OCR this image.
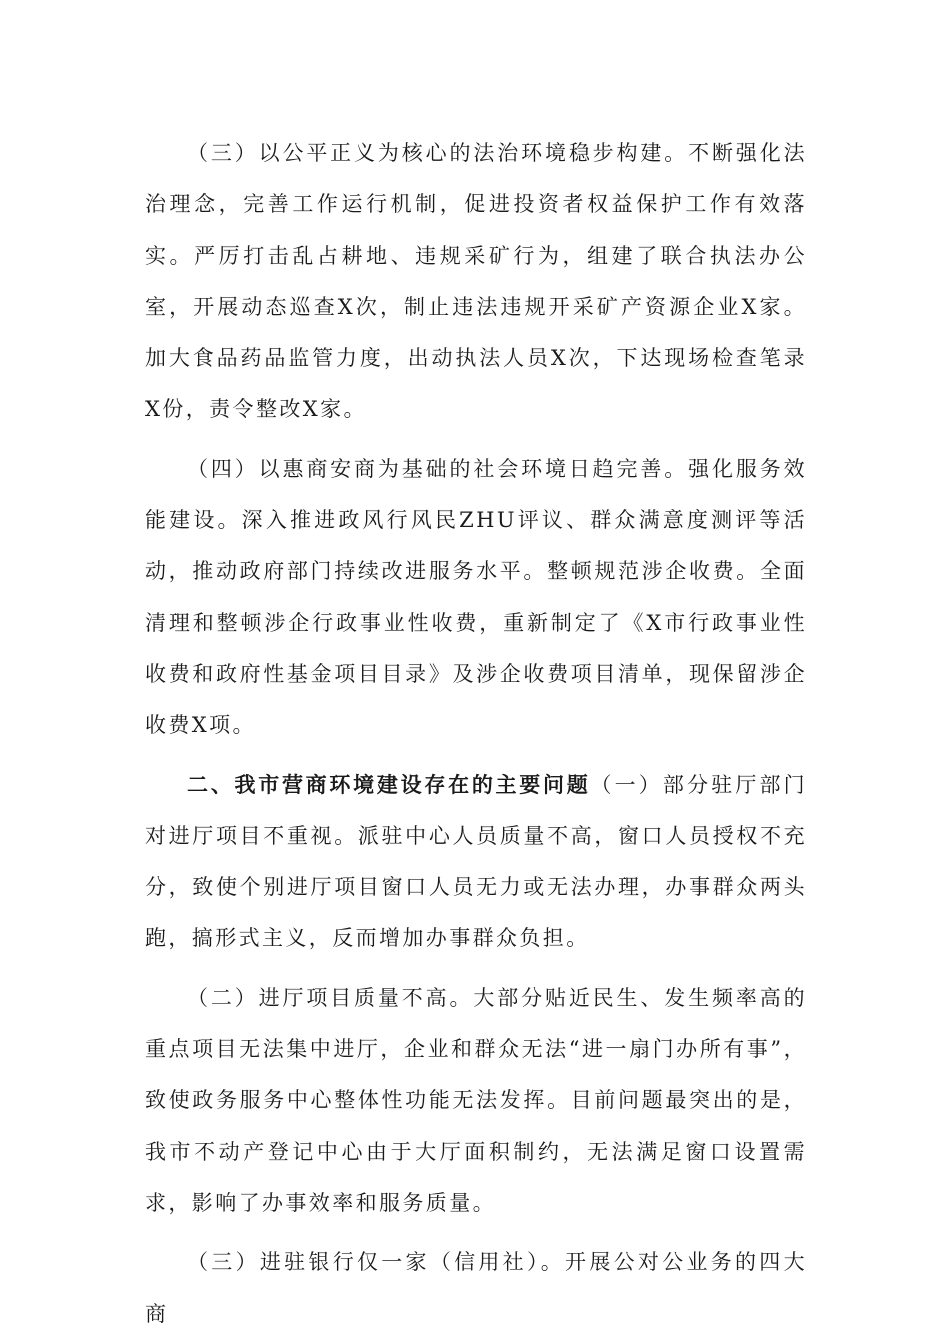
（三）以公平正义为核心的法治环境稳步构建。不断强化法治理念，完善工作运行机制，促进投资者权益保护工作有效落实。严厉打击乱占耕地、违规采矿行为，组建了联合执法办公室，开展动态巡查X次，制止违法违规开采矿产资源企业X家。加大食品药品监管力度，出动执法人员X次，下达现场检查笔录X份，责令整改X家。

（四）以惠商安商为基础的社会环境日趋完善。强化服务效能建设。深入推进政风行风民ZHU评议、群众满意度测评等活动，推动政府部门持续改进服务水平。整顿规范涉企收费。全面清理和整顿涉企行政事业性收费，重新制定了《X市行政事业性收费和政府性基金项目目录》及涉企收费项目清单，现保留涉企收费X项。

二、我市营商环境建设存在的主要问题（一）部分驻厅部门对进厅项目不重视。派驻中心人员质量不高，窗口人员授权不充分，致使个别进厅项目窗口人员无力或无法办理，办事群众两头跑，搞形式主义，反而增加办事群众负担。

（二）进厅项目质量不高。大部分贴近民生、发生频率高的重点项目无法集中进厅，企业和群众无法“进一扇门办所有事”，致使政务服务中心整体性功能无法发挥。目前问题最突出的是，我市不动产登记中心由于大厅面积制约，无法满足窗口设置需求，影响了办事效率和服务质量。

（三）进驻银行仅一家（信用社）。开展公对公业务的四大商
